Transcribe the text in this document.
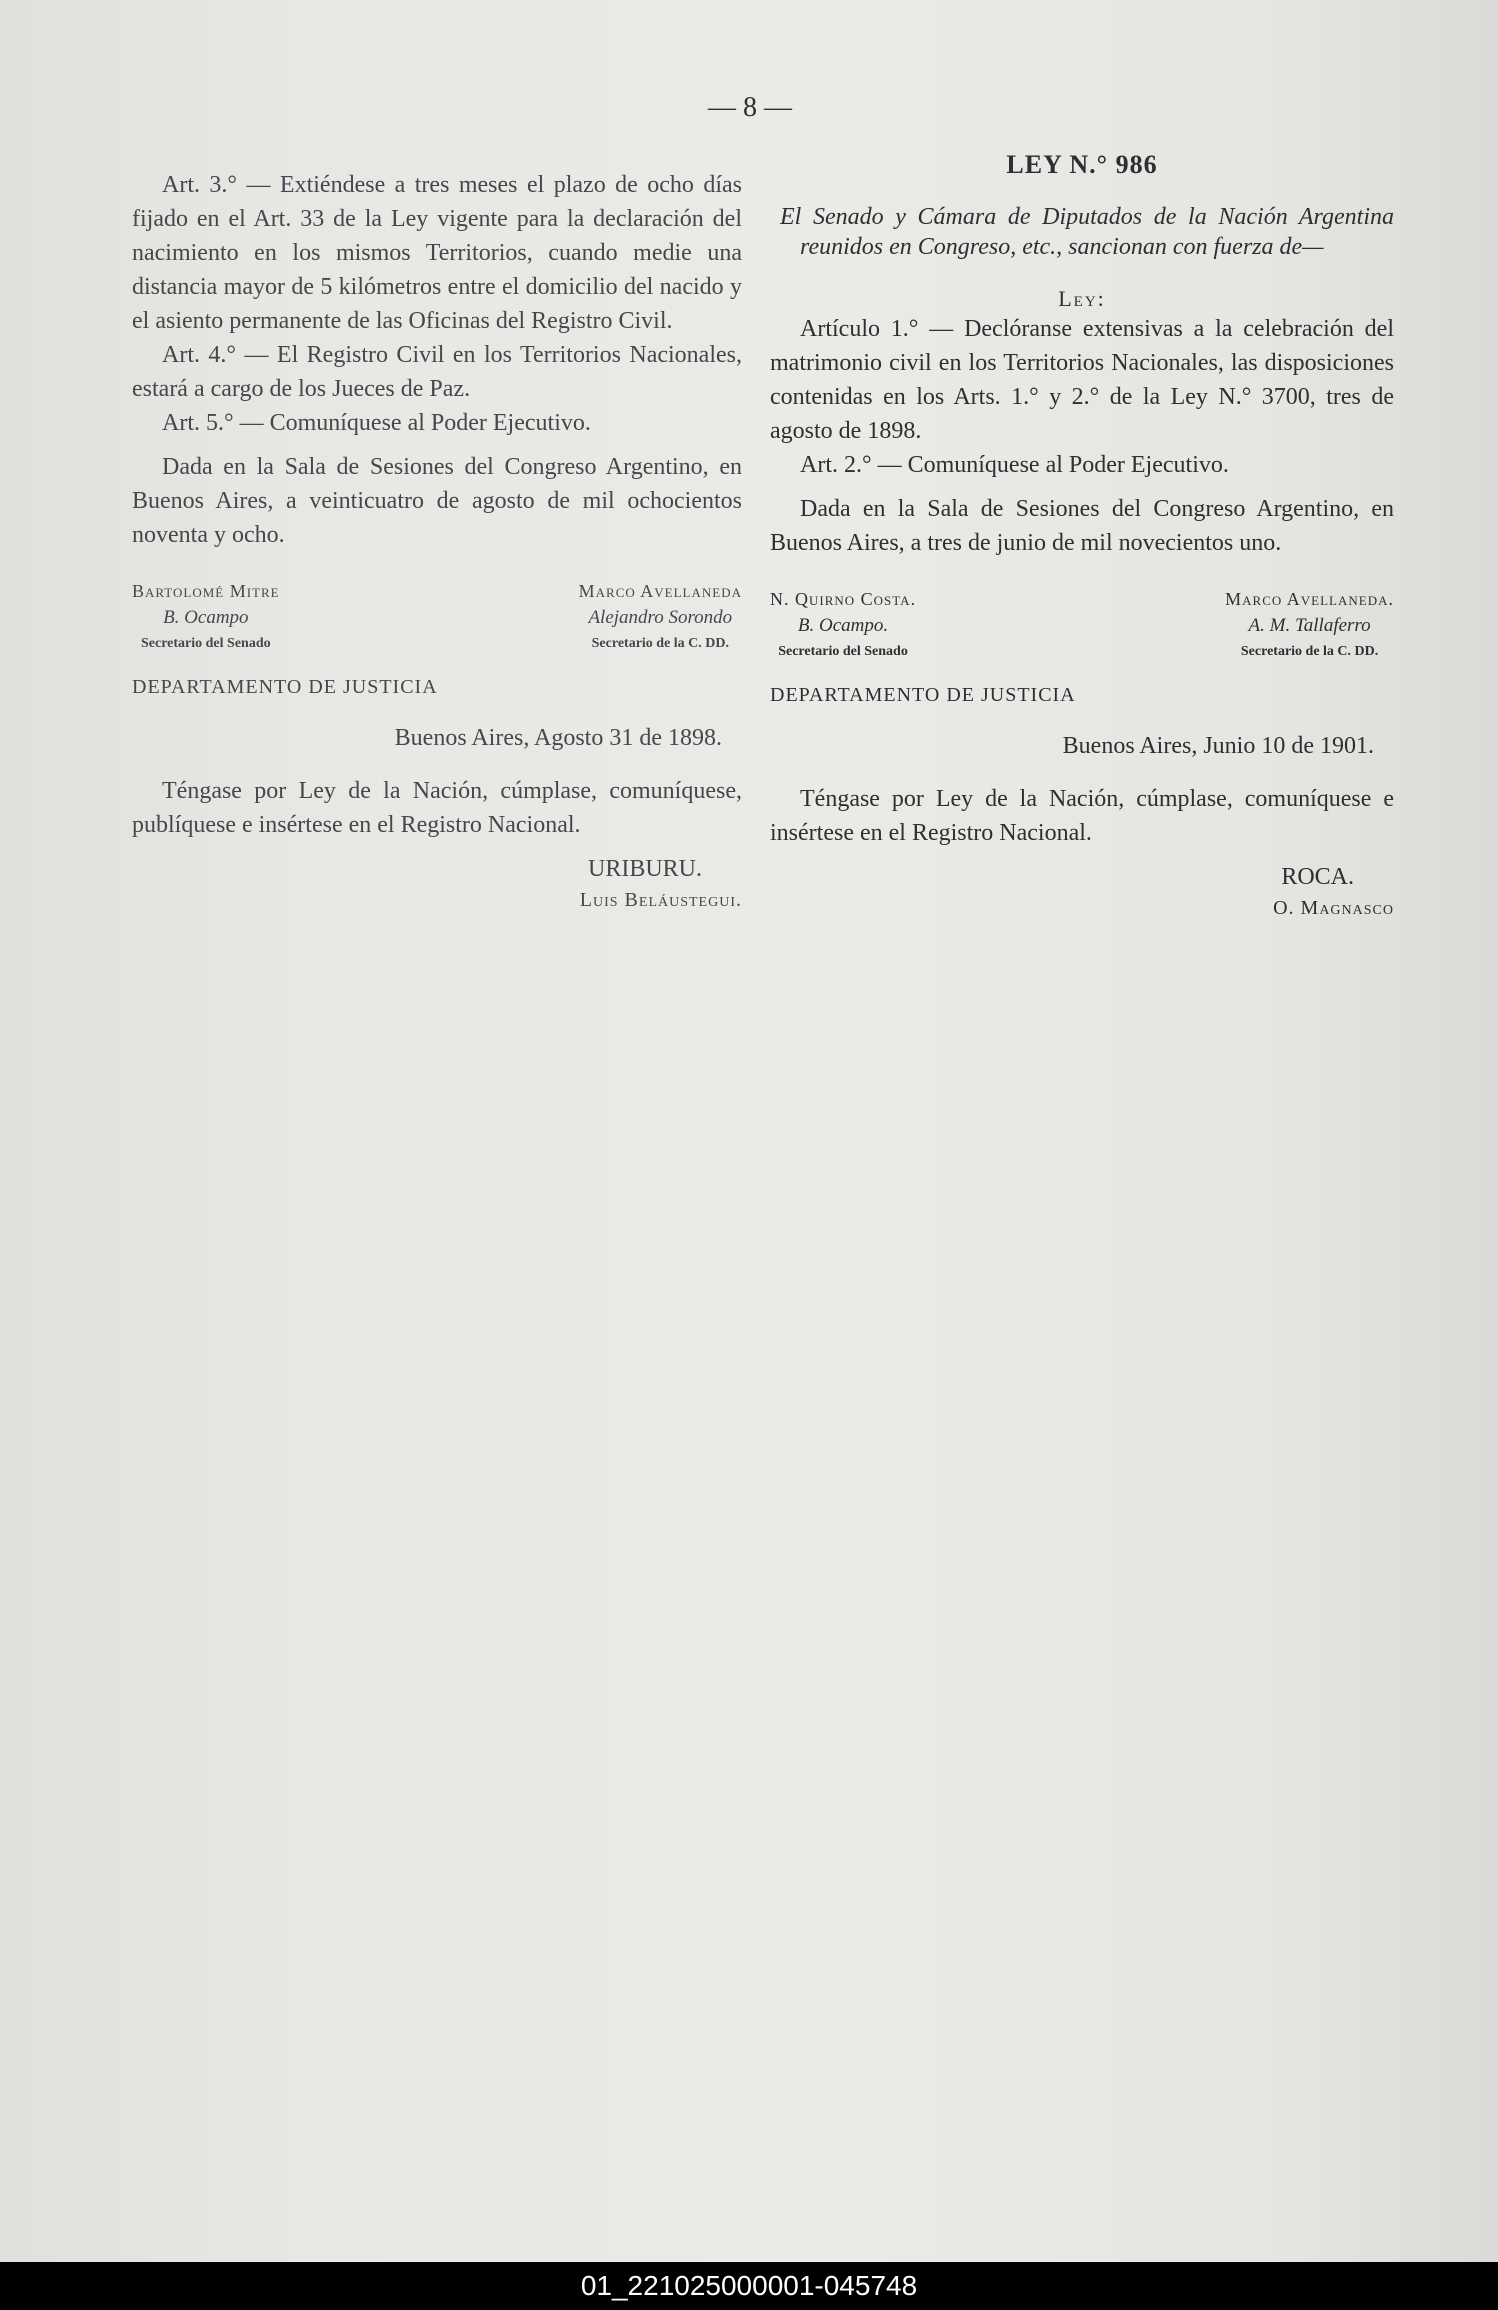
— 8 —

Art. 3.° — Extiéndese a tres meses el plazo de ocho días fijado en el Art. 33 de la Ley vigente para la declaración del nacimiento en los mismos Territorios, cuando medie una distancia mayor de 5 kilómetros entre el domicilio del nacido y el asiento permanente de las Oficinas del Registro Civil.

Art. 4.° — El Registro Civil en los Territorios Nacionales, estará a cargo de los Jueces de Paz.

Art. 5.° — Comuníquese al Poder Ejecutivo.

Dada en la Sala de Sesiones del Congreso Argentino, en Buenos Aires, a veinticuatro de agosto de mil ochocientos noventa y ocho.

Bartolomé Mitre
B. Ocampo
Secretario del Senado
Marco Avellaneda
Alejandro Sorondo
Secretario de la C. DD.
DEPARTAMENTO DE JUSTICIA
Buenos Aires, Agosto 31 de 1898.

Téngase por Ley de la Nación, cúmplase, comuníquese, publíquese e insértese en el Registro Nacional.

URIBURU.
Luis Beláustegui.
LEY N.° 986

El Senado y Cámara de Diputados de la Nación Argentina reunidos en Congreso, etc., sancionan con fuerza de—

Ley:

Artículo 1.° — Declóranse extensivas a la celebración del matrimonio civil en los Territorios Nacionales, las disposiciones contenidas en los Arts. 1.° y 2.° de la Ley N.° 3700, tres de agosto de 1898.

Art. 2.° — Comuníquese al Poder Ejecutivo.

Dada en la Sala de Sesiones del Congreso Argentino, en Buenos Aires, a tres de junio de mil novecientos uno.

N. Quirno Costa.
B. Ocampo.
Secretario del Senado
Marco Avellaneda.
A. M. Tallaferro
Secretario de la C. DD.
DEPARTAMENTO DE JUSTICIA
Buenos Aires, Junio 10 de 1901.

Téngase por Ley de la Nación, cúmplase, comuníquese e insértese en el Registro Nacional.

ROCA.
O. Magnasco
01_221025000001-045748
